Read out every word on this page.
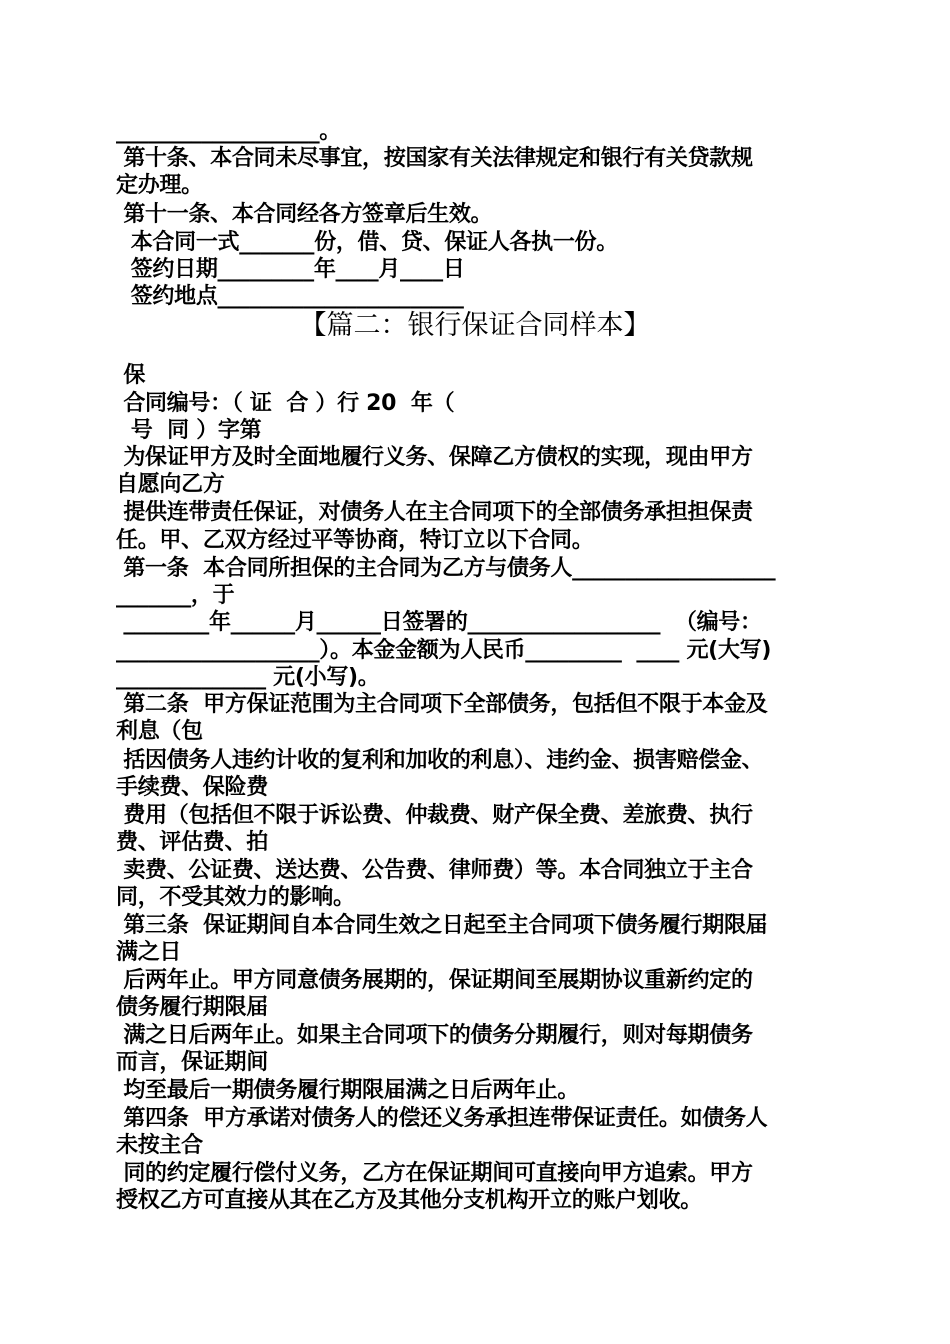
___________________。
第十条、本合同未尽事宜，按国家有关法律规定和银行有关贷款规
定办理。
第十一条、本合同经各方签章后生效。
本合同一式_______份，借、贷、保证人各执一份。
签约日期_________年____月____日
签约地点_______________________
【篇二：银行保证合同样本】
保
合同编号：（ 证  合 ）行 20  年（
号  同 ）字第
为保证甲方及时全面地履行义务、保障乙方债权的实现，现由甲方
自愿向乙方
提供连带责任保证，对债务人在主合同项下的全部债务承担担保责
任。甲、乙双方经过平等协商，特订立以下合同。
第一条  本合同所担保的主合同为乙方与债务人___________________
_______，于
________年______月______日签署的__________________  （编号：
___________________）。本金金额为人民币_________  ____ 元(大写)
______________ 元(小写)。
第二条  甲方保证范围为主合同项下全部债务，包括但不限于本金及
利息（包
括因债务人违约计收的复利和加收的利息）、违约金、损害赔偿金、
手续费、保险费
费用（包括但不限于诉讼费、仲裁费、财产保全费、差旅费、执行
费、评估费、拍
卖费、公证费、送达费、公告费、律师费）等。本合同独立于主合
同，不受其效力的影响。
第三条  保证期间自本合同生效之日起至主合同项下债务履行期限届
满之日
后两年止。甲方同意债务展期的，保证期间至展期协议重新约定的
债务履行期限届
满之日后两年止。如果主合同项下的债务分期履行，则对每期债务
而言，保证期间
均至最后一期债务履行期限届满之日后两年止。
第四条  甲方承诺对债务人的偿还义务承担连带保证责任。如债务人
未按主合
同的约定履行偿付义务，乙方在保证期间可直接向甲方追索。甲方
授权乙方可直接从其在乙方及其他分支机构开立的账户划收。
